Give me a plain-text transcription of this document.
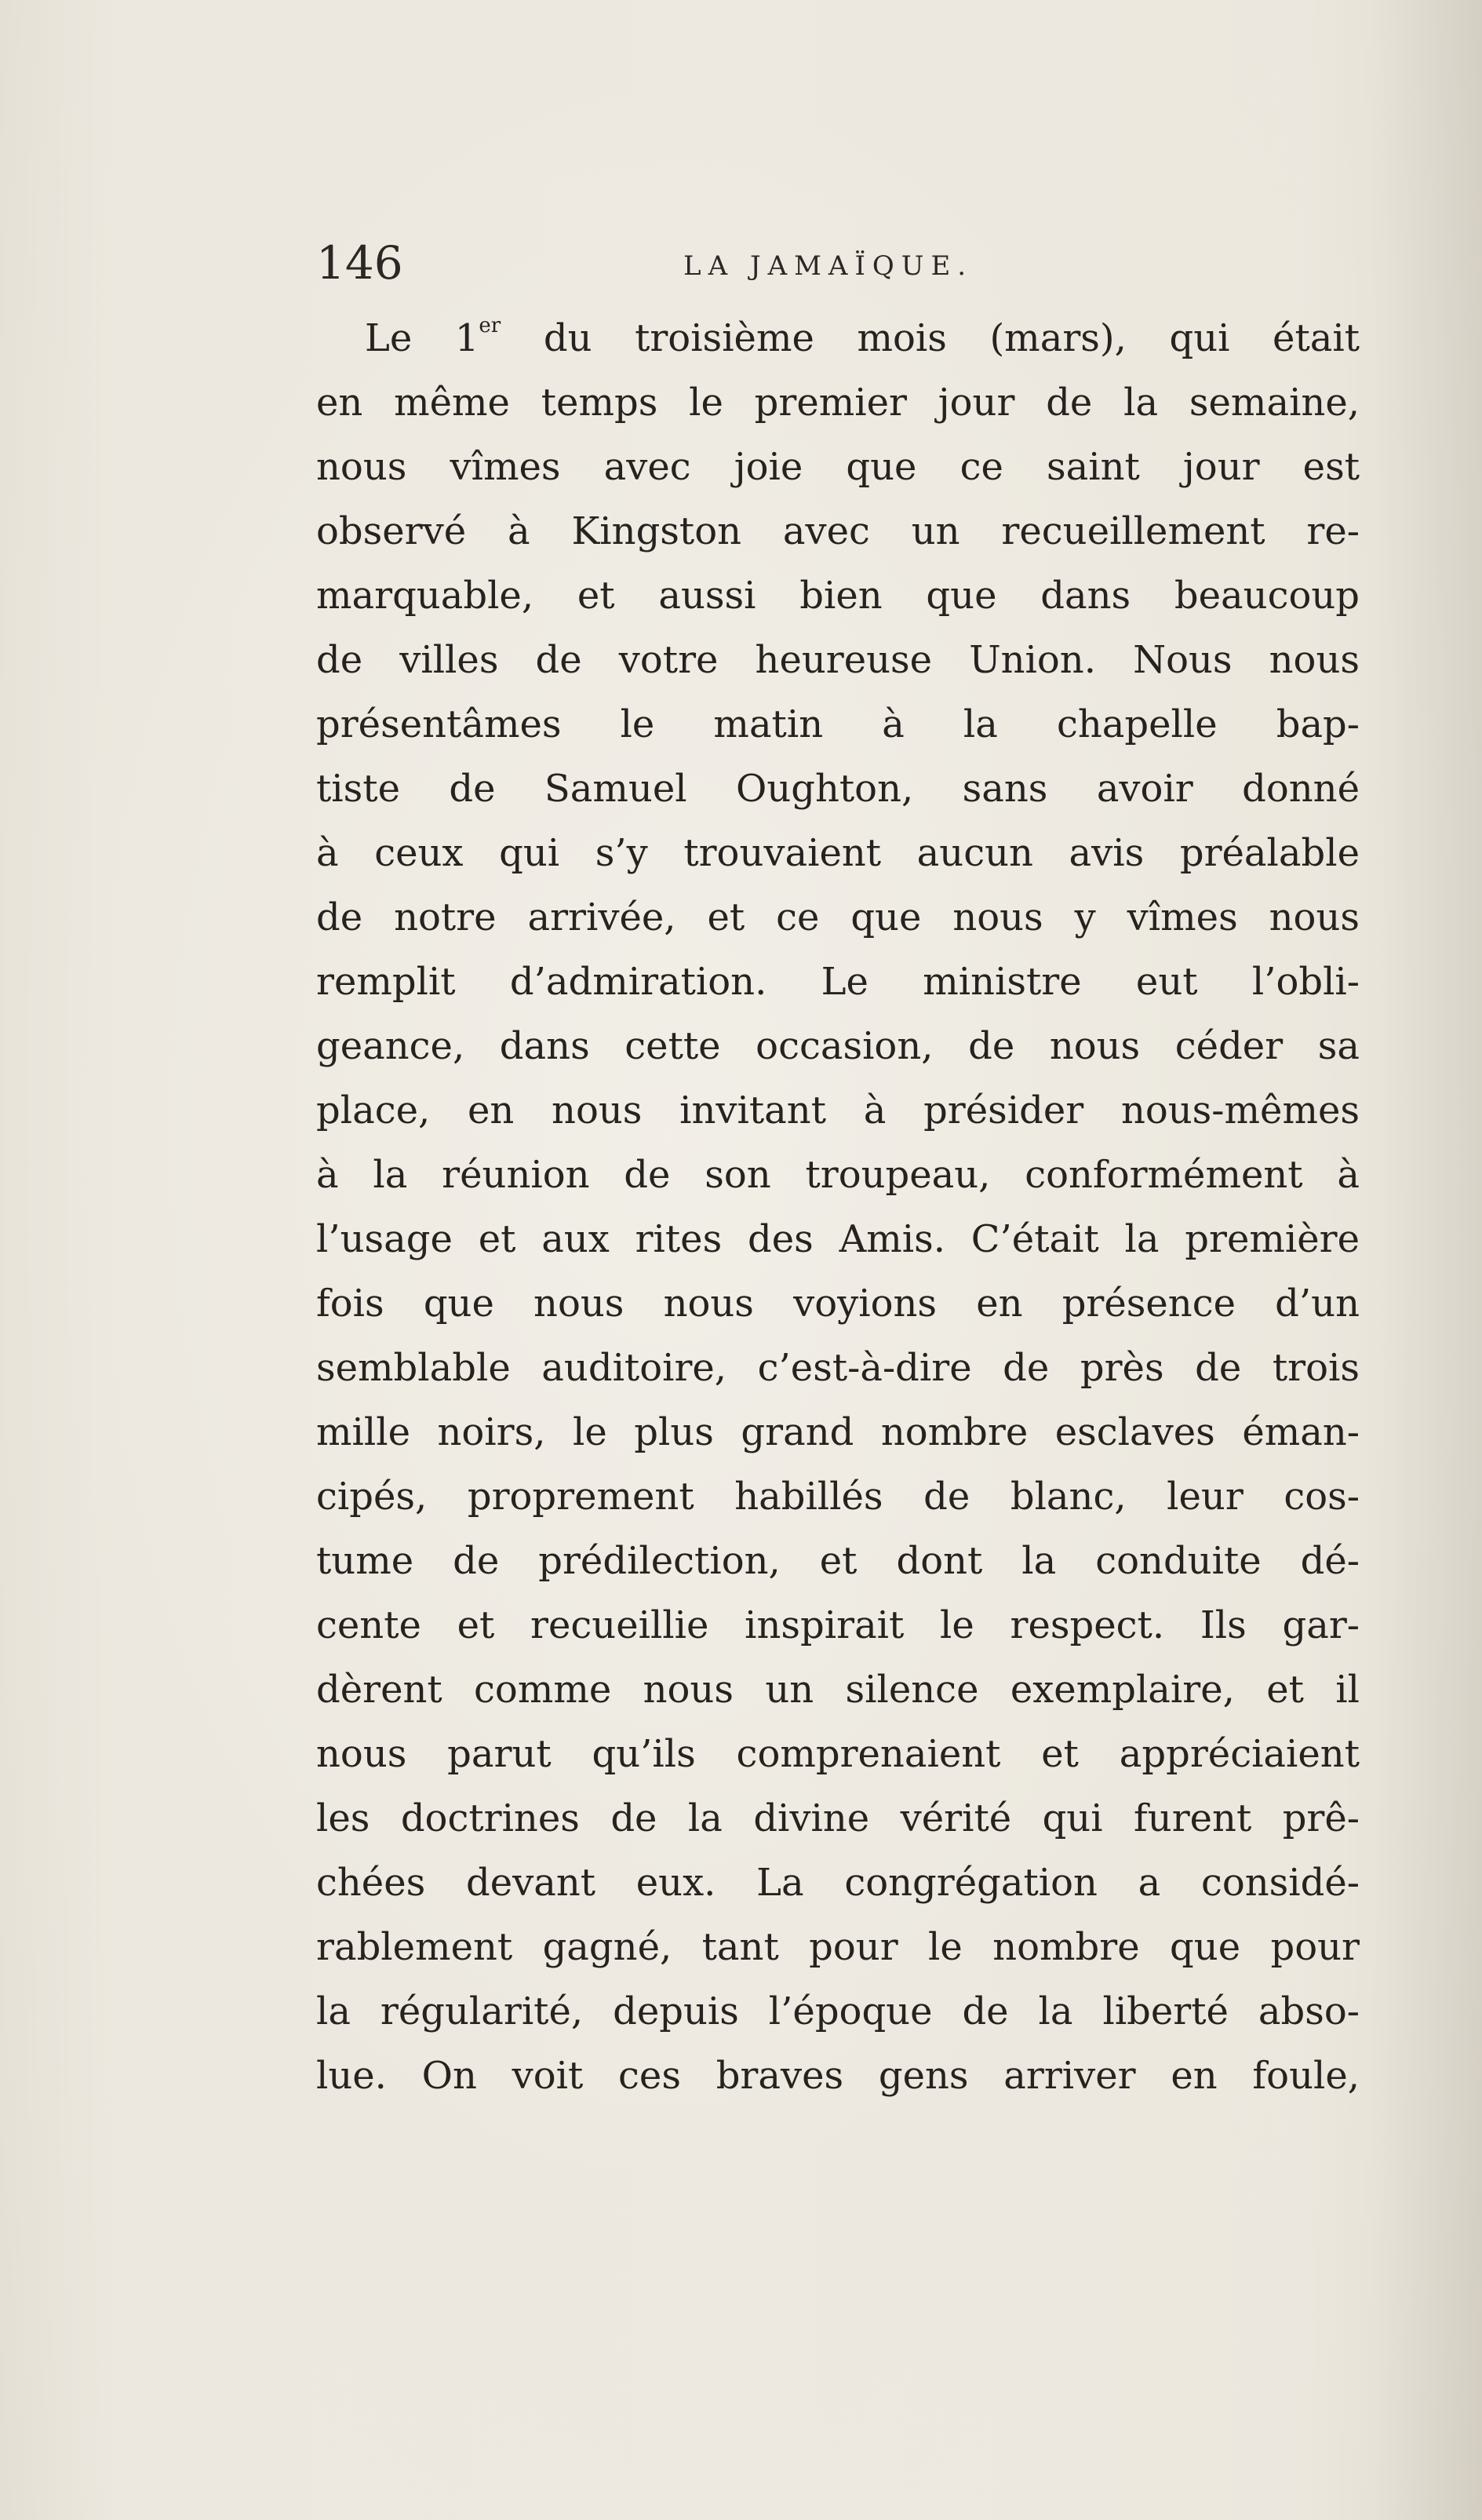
146	LA JAMAÏQUE.
Le 1er du troisième mois (mars), qui était
en même temps le premier jour de la semaine,
nous vîmes avec joie que ce saint jour est
observé à Kingston avec un recueillement re-
marquable, et aussi bien que dans beaucoup
de villes de votre heureuse Union. Nous nous
présentâmes le matin à la chapelle bap-
tiste de Samuel Oughton, sans avoir donné
à ceux qui s’y trouvaient aucun avis préalable
de notre arrivée, et ce que nous y vîmes nous
remplit d’admiration. Le ministre eut l’obli-
geance, dans cette occasion, de nous céder sa
place, en nous invitant à présider nous-mêmes
à la réunion de son troupeau, conformément à
l’usage et aux rites des Amis. C’était la première
fois que nous nous voyions en présence d’un
semblable auditoire, c’est-à-dire de près de trois
mille noirs, le plus grand nombre esclaves éman-
cipés, proprement habillés de blanc, leur cos-
tume de prédilection, et dont la conduite dé-
cente et recueillie inspirait le respect. Ils gar-
dèrent comme nous un silence exemplaire, et il
nous parut qu’ils comprenaient et appréciaient
les doctrines de la divine vérité qui furent prê-
chées devant eux. La congrégation a considé-
rablement gagné, tant pour le nombre que pour
la régularité, depuis l’époque de la liberté abso-
lue. On voit ces braves gens arriver en foule,
